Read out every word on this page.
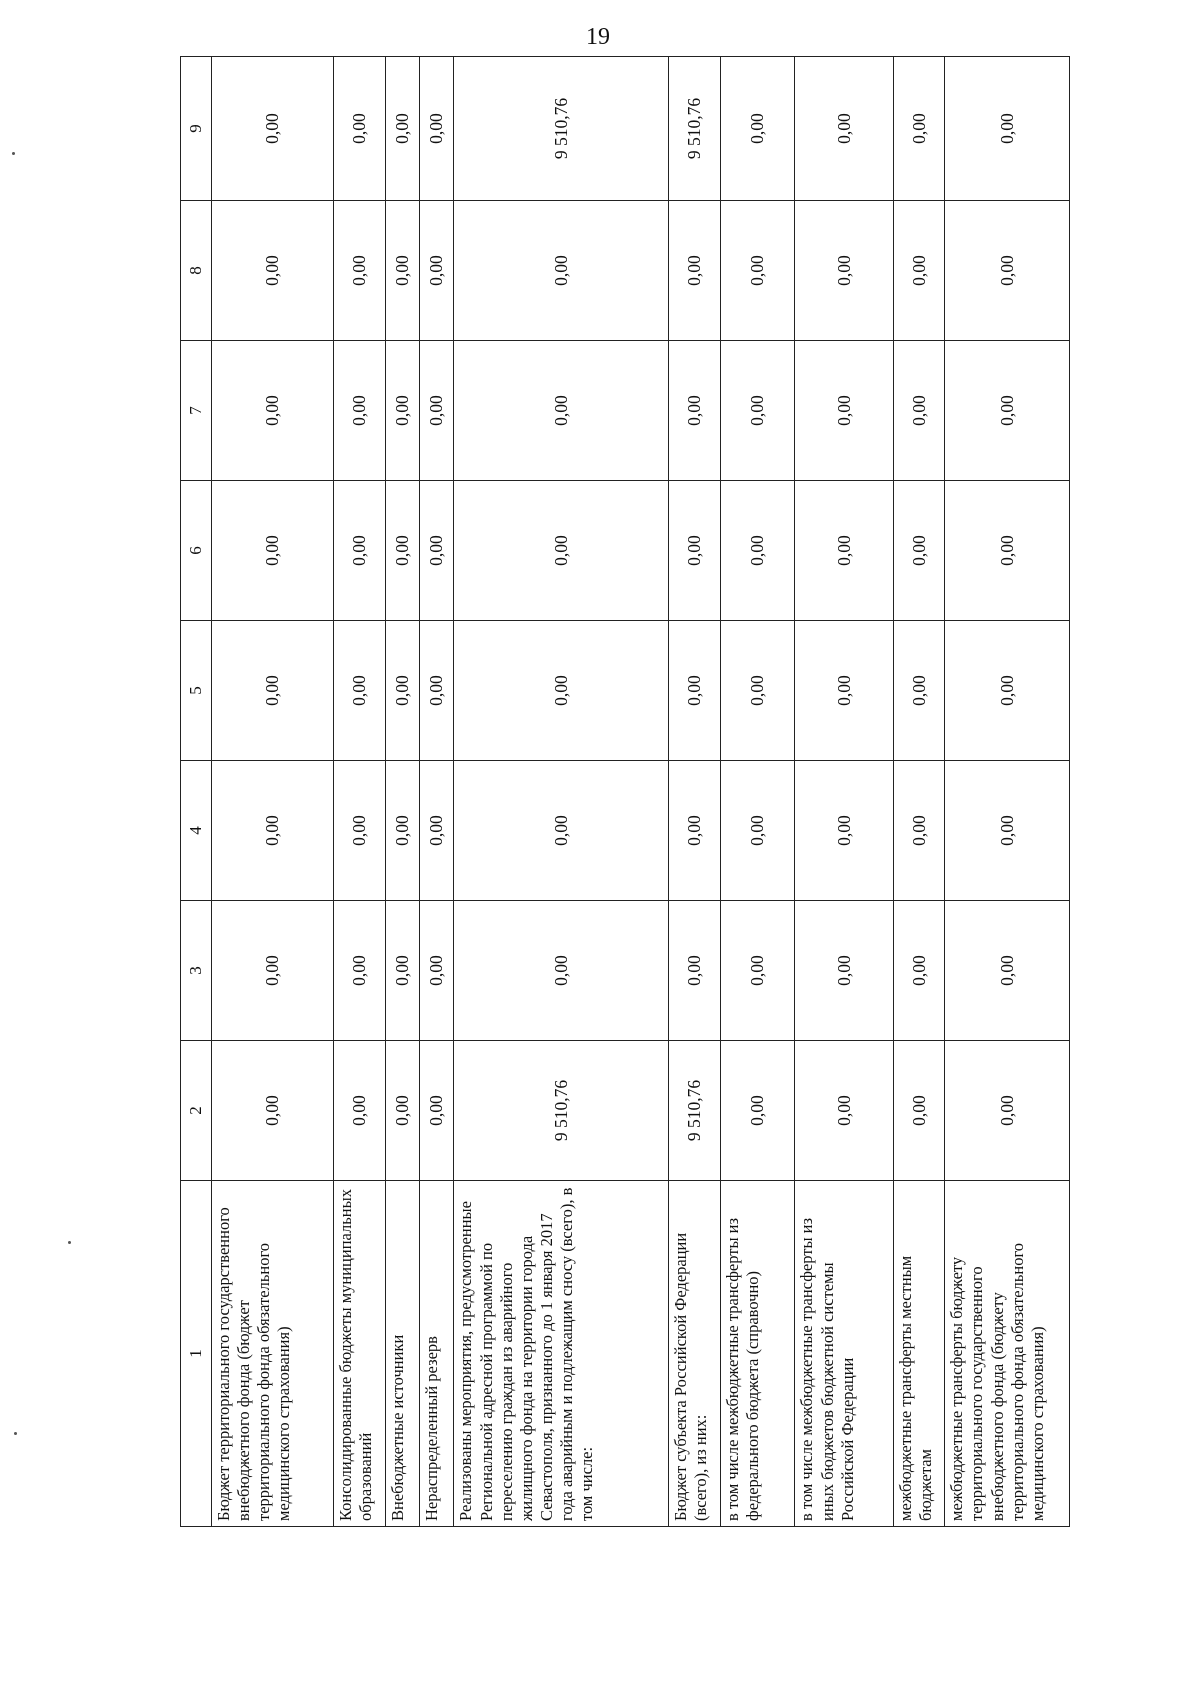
19
1	2	3	4	5	6	7	8	9
Бюджет территориального государственного внебюджетного фонда (бюджет территориального фонда обязательного медицинского страхования)	0,00	0,00	0,00	0,00	0,00	0,00	0,00	0,00
Консолидированные бюджеты муниципальных образований	0,00	0,00	0,00	0,00	0,00	0,00	0,00	0,00
Внебюджетные источники	0,00	0,00	0,00	0,00	0,00	0,00	0,00	0,00
Нераспределенный резерв	0,00	0,00	0,00	0,00	0,00	0,00	0,00	0,00
Реализованы мероприятия, предусмотренные Региональной адресной программой по переселению граждан из аварийного жилищного фонда на территории города Севастополя, признанного до 1 января 2017 года аварийным и подлежащим сносу (всего), в том числе:	9 510,76	0,00	0,00	0,00	0,00	0,00	0,00	9 510,76
Бюджет субъекта Российской Федерации (всего), из них:	9 510,76	0,00	0,00	0,00	0,00	0,00	0,00	9 510,76
в том числе межбюджетные трансферты из федерального бюджета (справочно)	0,00	0,00	0,00	0,00	0,00	0,00	0,00	0,00
в том числе межбюджетные трансферты из иных бюджетов бюджетной системы Российской Федерации	0,00	0,00	0,00	0,00	0,00	0,00	0,00	0,00
межбюджетные трансферты местным бюджетам	0,00	0,00	0,00	0,00	0,00	0,00	0,00	0,00
межбюджетные трансферты бюджету территориального государственного внебюджетного фонда (бюджету территориального фонда обязательного медицинского страхования)	0,00	0,00	0,00	0,00	0,00	0,00	0,00	0,00
